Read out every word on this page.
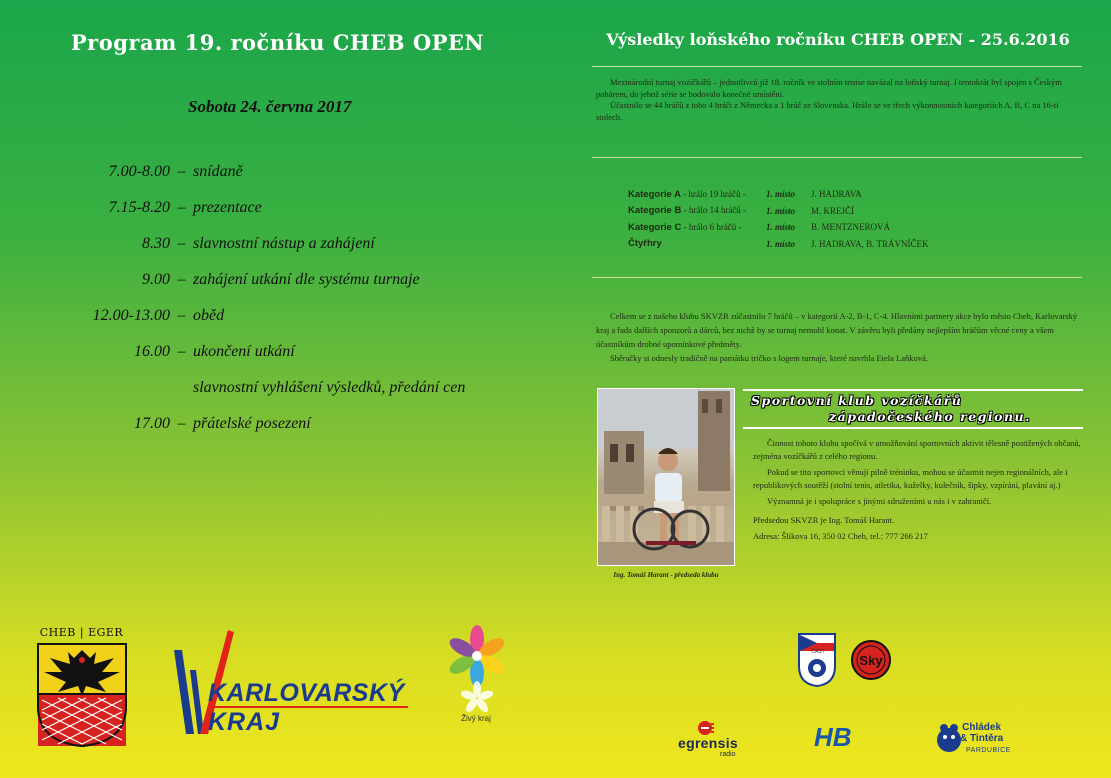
Program 19. ročníku CHEB OPEN
Sobota 24. června 2017
7.00-8.00 – snídaně
7.15-8.20 – prezentace
8.30 – slavnostní nástup a zahájení
9.00 – zahájení utkání dle systému turnaje
12.00-13.00 – oběd
16.00 – ukončení utkání
slavnostní vyhlášení výsledků, předání cen
17.00 – přátelské posezení
Výsledky loňského ročníku CHEB OPEN - 25.6.2016

Mezinárodní turnaj vozíčkářů – jednotlivců již 18. ročník ve stolním tenise navázal na loňský turnaj. I tentokrát byl spojen s Českým pohárem, do jehož série se bodovalo konečné umístění.

Účastnilo se 44 hráčů z toho 4 hráči z Německa a 1 hráč ze Slovenska. Hrálo se ve třech výkonnostních kategoriích A, B, C na 16-ti stolech.

Kategorie A - hrálo 19 hráčů -	1. místo	J. HADRAVA
Kategorie B - hrálo 14 hráčů -	1. místo	M. KREJČÍ
Kategorie C - hrálo 6 hráčů -	1. místo	B. MENTZNEROVÁ
Čtyřhry	1. místo	J. HADRAVA, B. TRÁVNÍČEK

Celkem se z našeho klubu SKVZR zúčastnilo 7 hráčů – v kategorii A-2, B-1, C-4. Hlavními partnery akce bylo město Cheb, Karlovarský kraj a řada dalších sponzorů a dárců, bez nichž by se turnaj nemohl konat. V závěru byli předány nejlepším hráčům věcné ceny a všem účastníkům drobné upomínkové předměty.

Sběračky si odnesly tradičně na památku tričko s logem turnaje, které navrhla Etela Laňková.

Ing. Tomáš Harant - předseda klubu
Sportovní klub vozíčkářů
západočeského regionu.

Činnost tohoto klubu spočívá v umožňování sportovních aktivit tělesně postižených občanů, zejména vozíčkářů z celého regionu.

Pokud se tito sportovci věnují pilně tréninku, mohou se účastnit nejen regionálních, ale i republikových soutěží (stolní tenis, atletika, kuželky, kulečník, šipky, vzpírání, plavání aj.)

Významná je i spolupráce s jinými sdruženími u nás i v zahraničí.

Předsedou SKVZR je Ing. Tomáš Harant.

Adresa: Šlikova 16, 350 02 Cheb, tel.: 777 266 217

CHEB | EGER
KARLOVARSKÝ
KRAJ	Živý kraj
ČAST
Sky
egrensis
radio
HB	Chládek
& Tintěra
PARDUBICE
